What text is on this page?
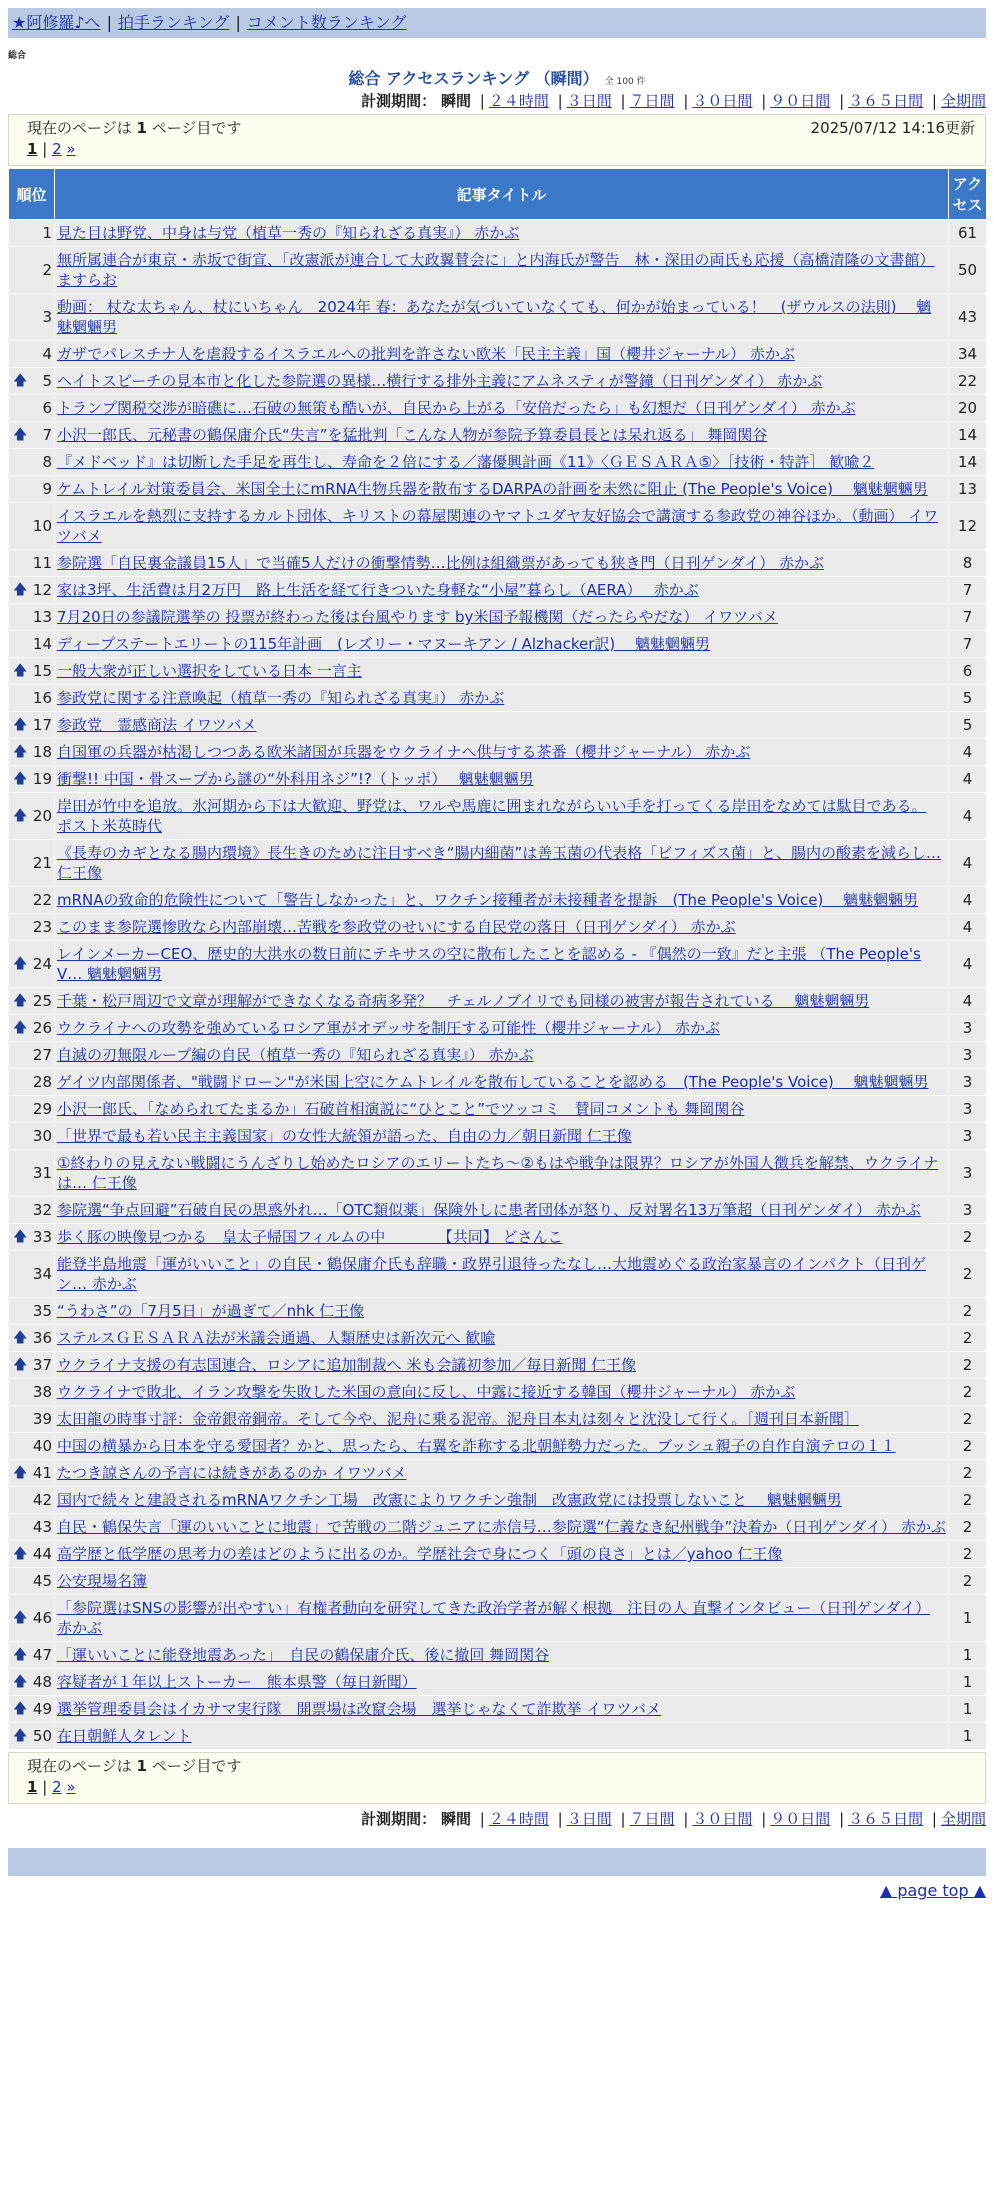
★阿修羅♪へ | 拍手ランキング | コメント数ランキング
総合
総合 アクセスランキング （瞬間） 全 100 件
計測期間： 瞬間 | ２４時間 | ３日間 | ７日間 | ３０日間 | ９０日間 | ３６５日間 | 全期間
現在のページは 1 ページ目です	2025/07/12 14:16更新
1 | 2 »
順位	記事タイトル	アクセス
1	見た目は野党、中身は与党（植草一秀の『知られざる真実』） 赤かぶ	61
2	無所属連合が東京・赤坂で街宣、「改憲派が連合して大政翼賛会に」と内海氏が警告　林・深田の両氏も応援（高橋清隆の文書館） ますらお	50
3	動画： 杖な太ちゃん、杖にいちゃん　2024年 春：あなたが気づいていなくても、何かが始まっている！　(ザウルスの法則)　 魑魅魍魎男	43
4	ガザでパレスチナ人を虐殺するイスラエルへの批判を許さない欧米「民主主義」国（櫻井ジャーナル） 赤かぶ	34

🡅 5	ヘイトスピーチの見本市と化した参院選の異様…横行する排外主義にアムネスティが警鐘（日刊ゲンダイ） 赤かぶ	22
6	トランプ関税交渉が暗礁に…石破の無策も酷いが、自民から上がる「安倍だったら」も幻想だ（日刊ゲンダイ） 赤かぶ	20

🡅 7	小沢一郎氏、元秘書の鶴保庸介氏“失言”を猛批判「こんな人物が参院予算委員長とは呆れ返る」 舞岡関谷	14
8	『メドベッド』は切断した手足を再生し、寿命を２倍にする／藩優興計画《11》〈ＧＥＳＡＲＡ⑤〉［技術・特許］ 歓喩２	14
9	ケムトレイル対策委員会、米国全土にmRNA生物兵器を散布するDARPAの計画を未然に阻止 (The People's Voice)　 魑魅魍魎男	13
10	イスラエルを熱烈に支持するカルト団体、キリストの幕屋関連のヤマトユダヤ友好協会で講演する参政党の神谷ほか。（動画） イワツバメ	12
11	参院選「自民裏金議員15人」で当確5人だけの衝撃情勢…比例は組織票があっても狭き門（日刊ゲンダイ） 赤かぶ	8

🡅 12	家は3坪、生活費は月2万円　路上生活を経て行きついた身軽な“小屋”暮らし（AERA）　 赤かぶ	7
13	7月20日の参議院選挙の 投票が終わった後は台風やります by米国予報機関（だったらやだな） イワツバメ	7
14	ディープステートエリートの115年計画　(レズリー・マヌーキアン / Alzhacker訳)　 魑魅魍魎男	7

🡅 15	一般大衆が正しい選択をしている日本 一言主	6
16	参政党に関する注意喚起（植草一秀の『知られざる真実』） 赤かぶ	5

🡅 17	参政党　霊感商法 イワツバメ	5

🡅 18	自国軍の兵器が枯渇しつつある欧米諸国が兵器をウクライナへ供与する茶番（櫻井ジャーナル） 赤かぶ	4

🡅 19	衝撃!! 中国・骨スープから謎の“外科用ネジ”!?（トッポ）　 魑魅魍魎男	4

🡅 20	岸田が竹中を追放。氷河期から下は大歓迎、野党は、ワルや馬鹿に囲まれながらいい手を打ってくる岸田をなめては駄目である。 ポスト米英時代	4
21	《長寿のカギとなる腸内環境》長生きのために注目すべき“腸内細菌”は善玉菌の代表格「ビフィズス菌」と、腸内の酸素を減らし… 仁王像	4
22	mRNAの致命的危険性について「警告しなかった」と、ワクチン接種者が未接種者を提訴　(The People's Voice)　 魑魅魍魎男	4
23	このまま参院選惨敗なら内部崩壊…苦戦を参政党のせいにする自民党の落日（日刊ゲンダイ） 赤かぶ	4

🡅 24	レインメーカーCEO、歴史的大洪水の数日前にテキサスの空に散布したことを認める - 『偶然の一致』だと主張 （The People's V… 魑魅魍魎男	4

🡅 25	千葉・松戸周辺で文章が理解ができなくなる奇病多発？　チェルノブイリでも同様の被害が報告されている　 魑魅魍魎男	4

🡅 26	ウクライナへの攻勢を強めているロシア軍がオデッサを制圧する可能性（櫻井ジャーナル） 赤かぶ	3
27	自滅の刃無限ループ編の自民（植草一秀の『知られざる真実』） 赤かぶ	3
28	ゲイツ内部関係者、"戦闘ドローン"が米国上空にケムトレイルを散布していることを認める　(The People's Voice)　 魑魅魍魎男	3
29	小沢一郎氏、「なめられてたまるか」石破首相演説に“ひとこと”でツッコミ　賛同コメントも 舞岡関谷	3
30	「世界で最も若い民主主義国家」の女性大統領が語った、自由の力／朝日新聞 仁王像	3
31	①終わりの見えない戦闘にうんざりし始めたロシアのエリートたち〜②もはや戦争は限界？ロシアが外国人徴兵を解禁、ウクライナは… 仁王像	3
32	参院選“争点回避”石破自民の思惑外れ…「OTC類似薬」保険外しに患者団体が怒り、反対署名13万筆超（日刊ゲンダイ） 赤かぶ	3

🡅 33	歩く豚の映像見つかる　皇太子帰国フィルムの中　　　　【共同】 どさんこ	2
34	能登半島地震「運がいいこと」の自民・鶴保庸介氏も辞職・政界引退待ったなし…大地震めぐる政治家暴言のインパクト（日刊ゲン… 赤かぶ	2
35	“うわさ”の「7月5日」が過ぎて／nhk 仁王像	2

🡅 36	ステルスＧＥＳＡＲＡ法が米議会通過、人類歴史は新次元へ 歓喩	2

🡅 37	ウクライナ支援の有志国連合、ロシアに追加制裁へ 米も会議初参加／毎日新聞 仁王像	2
38	ウクライナで敗北、イラン攻撃を失敗した米国の意向に反し、中露に接近する韓国（櫻井ジャーナル） 赤かぶ	2
39	太田龍の時事寸評：金帝銀帝銅帝。そして今や、泥舟に乗る泥帝。泥舟日本丸は刻々と沈没して行く。［週刊日本新聞］	2
40	中国の横暴から日本を守る愛国者？かと、思ったら、右翼を詐称する北朝鮮勢力だった。ブッシュ親子の自作自演テロの１１	2

🡅 41	たつき諒さんの予言には続きがあるのか イワツバメ	2
42	国内で続々と建設されるmRNAワクチン工場　改憲によりワクチン強制　改憲政党には投票しないこと　 魑魅魍魎男	2
43	自民・鶴保失言「運のいいことに地震」で苦戦の二階ジュニアに赤信号…参院選“仁義なき紀州戦争”決着か（日刊ゲンダイ） 赤かぶ	2

🡅 44	高学歴と低学歴の思考力の差はどのように出るのか。学歴社会で身につく「頭の良さ」とは／yahoo 仁王像	2
45	公安現場名簿	2

🡅 46	「参院選はSNSの影響が出やすい」有権者動向を研究してきた政治学者が解く根拠　注目の人 直撃インタビュー（日刊ゲンダイ） 赤かぶ	1

🡅 47	「運いいことに能登地震あった」　自民の鶴保庸介氏、後に撤回 舞岡関谷	1

🡅 48	容疑者が１年以上ストーカー　熊本県警（毎日新聞）	1

🡅 49	選挙管理委員会はイカサマ実行隊　開票場は改竄会場　選挙じゃなくて詐欺挙 イワツバメ	1

🡅 50	在日朝鮮人タレント	1
現在のページは 1 ページ目です
1 | 2 »
計測期間： 瞬間 | ２４時間 | ３日間 | ７日間 | ３０日間 | ９０日間 | ３６５日間 | 全期間
▲ page top ▲
